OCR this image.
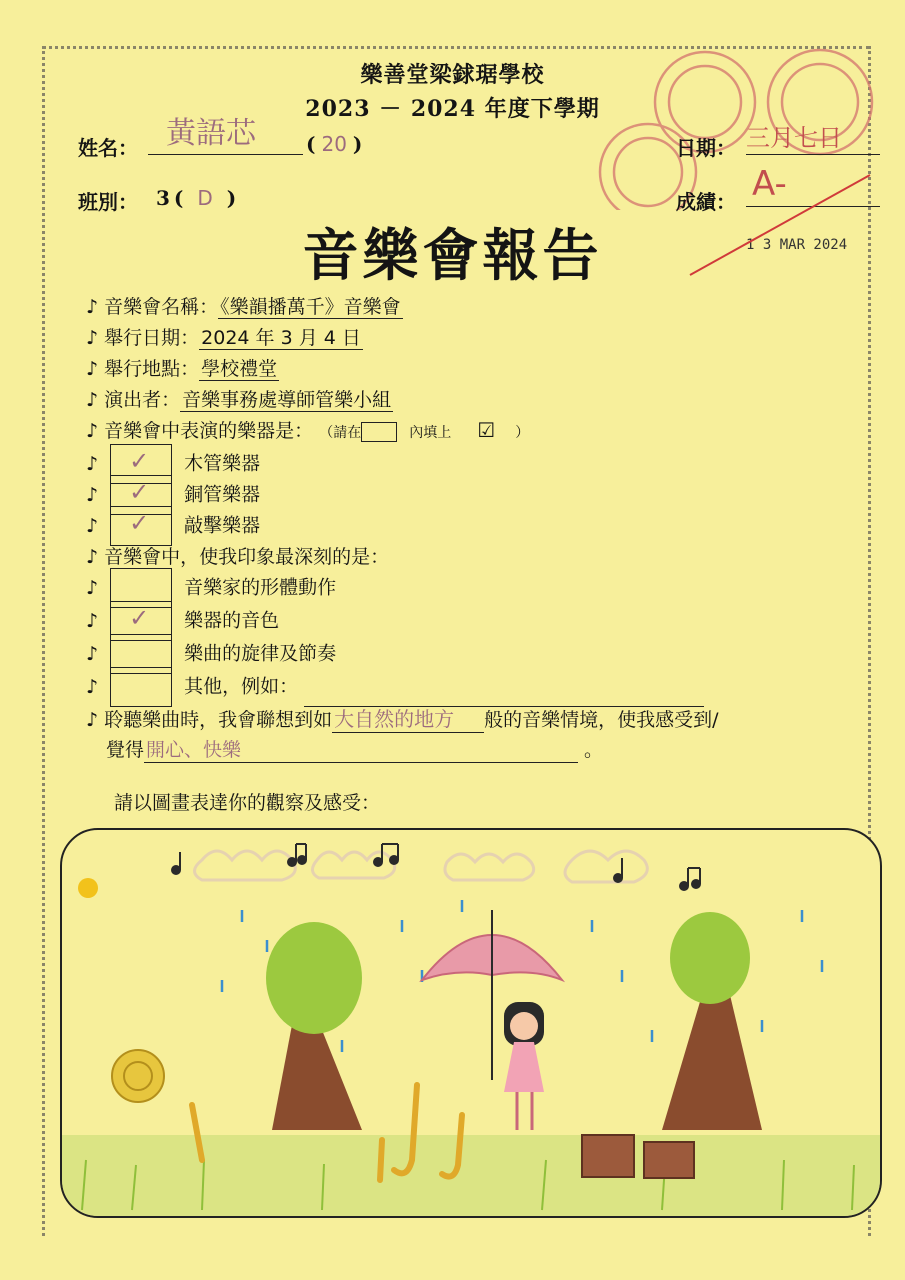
樂善堂梁銶琚學校
2023 － 2024 年度下學期
姓名： 黃語芯	( 20 )	日期： 三月七日
班別： 3 ( D )	成績： A-
音樂會報告	1 3 MAR 2024
♪ 音樂會名稱： 《樂韻播萬千》音樂會
♪ 舉行日期： 2024 年 3 月 4 日
♪ 舉行地點： 學校禮堂
♪ 演出者： 音樂事務處導師管樂小組
♪ 音樂會中表演的樂器是： （請在	內填上 ☑ ）
♪ ✓ 木管樂器
♪ ✓ 銅管樂器
♪ ✓ 敲擊樂器
♪ 音樂會中，使我印象最深刻的是：
♪	音樂家的形體動作
♪ ✓ 樂器的音色
♪	樂曲的旋律及節奏
♪	其他，例如：
♪ 聆聽樂曲時，我會聯想到如 大自然的地方 般的音樂情境，使我感受到/
覺得 開心、快樂	。
請以圖畫表達你的觀察及感受：
